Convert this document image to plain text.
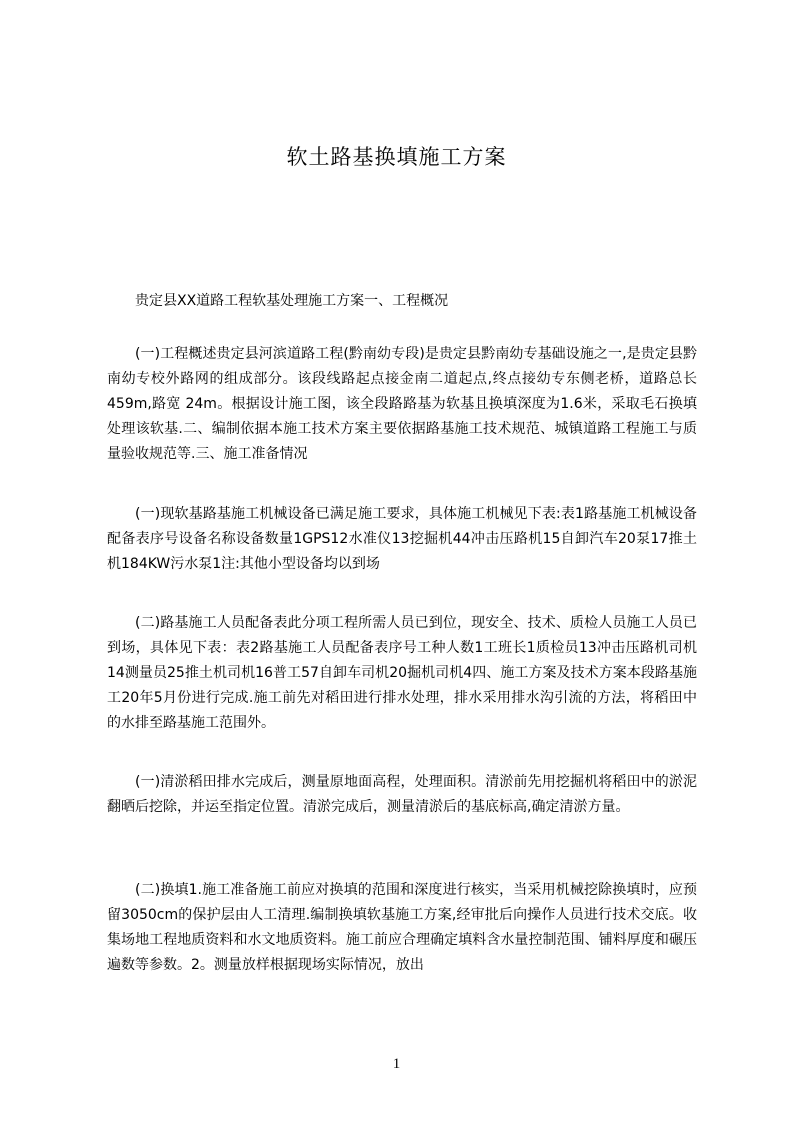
软土路基换填施工方案
贵定县XX道路工程软基处理施工方案一、工程概况
(一)工程概述贵定县河滨道路工程(黔南幼专段)是贵定县黔南幼专基础设施之一,是贵定县黔南幼专校外路网的组成部分。该段线路起点接金南二道起点,终点接幼专东侧老桥，道路总长459m,路宽 24m。根据设计施工图，该全段路路基为软基且换填深度为1.6米，采取毛石换填处理该软基.二、编制依据本施工技术方案主要依据路基施工技术规范、城镇道路工程施工与质量验收规范等.三、施工准备情况
(一)现软基路基施工机械设备已满足施工要求，具体施工机械见下表:表1路基施工机械设备配备表序号设备名称设备数量1GPS12水准仪13挖掘机44冲击压路机15自卸汽车20泵17推土机184KW污水泵1注:其他小型设备均以到场
(二)路基施工人员配备表此分项工程所需人员已到位，现安全、技术、质检人员施工人员已到场，具体见下表：表2路基施工人员配备表序号工种人数1工班长1质检员13冲击压路机司机14测量员25推土机司机16普工57自卸车司机20掘机司机4四、施工方案及技术方案本段路基施工20年5月份进行完成.施工前先对稻田进行排水处理，排水采用排水沟引流的方法，将稻田中的水排至路基施工范围外。
(一)清淤稻田排水完成后，测量原地面高程，处理面积。清淤前先用挖掘机将稻田中的淤泥翻晒后挖除，并运至指定位置。清淤完成后，测量清淤后的基底标高,确定清淤方量。
(二)换填1.施工准备施工前应对换填的范围和深度进行核实，当采用机械挖除换填时，应预留3050cm的保护层由人工清理.编制换填软基施工方案,经审批后向操作人员进行技术交底。收集场地工程地质资料和水文地质资料。施工前应合理确定填料含水量控制范围、铺料厚度和碾压遍数等参数。2。测量放样根据现场实际情况，放出
1
